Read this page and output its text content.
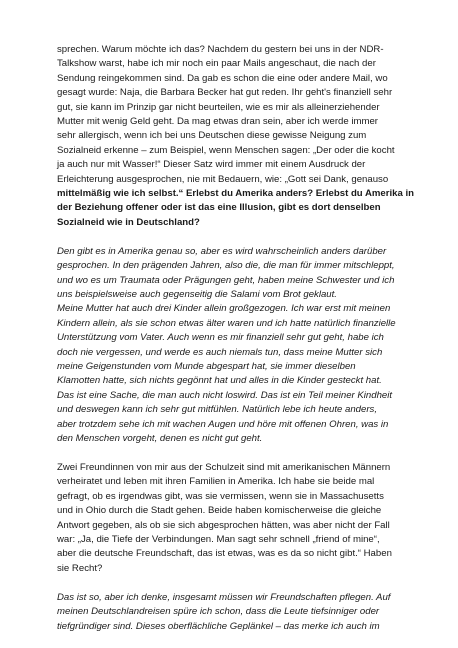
sprechen. Warum möchte ich das? Nachdem du gestern bei uns in der NDR-
Talkshow warst, habe ich mir noch ein paar Mails angeschaut, die nach der
Sendung reingekommen sind. Da gab es schon die eine oder andere Mail, wo
gesagt wurde: Naja, die Barbara Becker hat gut reden. Ihr geht's finanziell sehr
gut, sie kann im Prinzip gar nicht beurteilen, wie es mir als alleinerziehender
Mutter mit wenig Geld geht. Da mag etwas dran sein, aber ich werde immer
sehr allergisch, wenn ich bei uns Deutschen diese gewisse Neigung zum
Sozialneid erkenne – zum Beispiel, wenn Menschen sagen: „Der oder die kocht
ja auch nur mit Wasser!“ Dieser Satz wird immer mit einem Ausdruck der
Erleichterung ausgesprochen, nie mit Bedauern, wie: „Gott sei Dank, genauso
mittelmäßig wie ich selbst.“ Erlebst du Amerika anders? Erlebst du Amerika in
der Beziehung offener oder ist das eine Illusion, gibt es dort denselben
Sozialneid wie in Deutschland?

Den gibt es in Amerika genau so, aber es wird wahrscheinlich anders darüber
gesprochen. In den prägenden Jahren, also die, die man für immer mitschleppt,
und wo es um Traumata oder Prägungen geht, haben meine Schwester und ich
uns beispielsweise auch gegenseitig die Salami vom Brot geklaut.
Meine Mutter hat auch drei Kinder allein großgezogen. Ich war erst mit meinen
Kindern allein, als sie schon etwas älter waren und ich hatte natürlich finanzielle
Unterstützung vom Vater. Auch wenn es mir finanziell sehr gut geht, habe ich
doch nie vergessen, und werde es auch niemals tun, dass meine Mutter sich
meine Geigenstunden vom Munde abgespart hat, sie immer dieselben
Klamotten hatte, sich nichts gegönnt hat und alles in die Kinder gesteckt hat.
Das ist eine Sache, die man auch nicht loswird. Das ist ein Teil meiner Kindheit
und deswegen kann ich sehr gut mitfühlen. Natürlich lebe ich heute anders,
aber trotzdem sehe ich mit wachen Augen und höre mit offenen Ohren, was in
den Menschen vorgeht, denen es nicht gut geht.

Zwei Freundinnen von mir aus der Schulzeit sind mit amerikanischen Männern
verheiratet und leben mit ihren Familien in Amerika. Ich habe sie beide mal
gefragt, ob es irgendwas gibt, was sie vermissen, wenn sie in Massachusetts
und in Ohio durch die Stadt gehen. Beide haben komischerweise die gleiche
Antwort gegeben, als ob sie sich abgesprochen hätten, was aber nicht der Fall
war: „Ja, die Tiefe der Verbindungen. Man sagt sehr schnell „friend of mine“,
aber die deutsche Freundschaft, das ist etwas, was es da so nicht gibt.“ Haben
sie Recht?

Das ist so, aber ich denke, insgesamt müssen wir Freundschaften pflegen. Auf
meinen Deutschlandreisen spüre ich schon, dass die Leute tiefsinniger oder
tiefgründiger sind. Dieses oberflächliche Geplänkel – das merke ich auch im
